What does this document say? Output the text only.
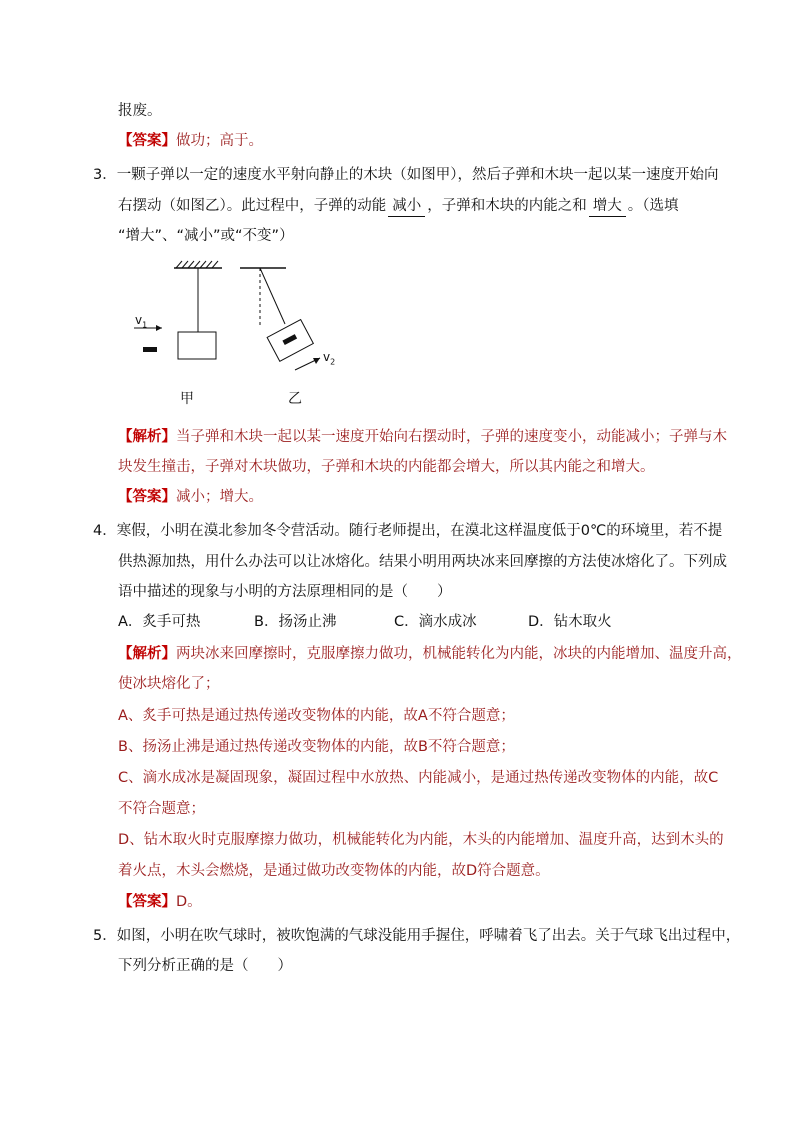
报废。
【答案】做功；高于。
3．一颗子弹以一定的速度水平射向静止的木块（如图甲），然后子弹和木块一起以某一速度开始向
右摆动（如图乙）。此过程中，子弹的动能 减小 ，子弹和木块的内能之和 增大 。（选填
“增大”、“减小”或“不变”）
$v_1$
$v_2$
甲	乙
【解析】当子弹和木块一起以某一速度开始向右摆动时，子弹的速度变小，动能减小；子弹与木
块发生撞击，子弹对木块做功，子弹和木块的内能都会增大，所以其内能之和增大。
【答案】减小；增大。
4．寒假，小明在漠北参加冬令营活动。随行老师提出，在漠北这样温度低于0℃的环境里，若不提
供热源加热，用什么办法可以让冰熔化。结果小明用两块冰来回摩擦的方法使冰熔化了。下列成
语中描述的现象与小明的方法原理相同的是（　　）
A．炙手可热	B．扬汤止沸	C．滴水成冰	D．钻木取火
【解析】两块冰来回摩擦时，克服摩擦力做功，机械能转化为内能，冰块的内能增加、温度升高，
使冰块熔化了；
A、炙手可热是通过热传递改变物体的内能，故A不符合题意；
B、扬汤止沸是通过热传递改变物体的内能，故B不符合题意；
C、滴水成冰是凝固现象，凝固过程中水放热、内能减小，是通过热传递改变物体的内能，故C
不符合题意；
D、钻木取火时克服摩擦力做功，机械能转化为内能，木头的内能增加、温度升高，达到木头的
着火点，木头会燃烧，是通过做功改变物体的内能，故D符合题意。
【答案】D。
5．如图，小明在吹气球时，被吹饱满的气球没能用手握住，呼啸着飞了出去。关于气球飞出过程中，
下列分析正确的是（　　）
